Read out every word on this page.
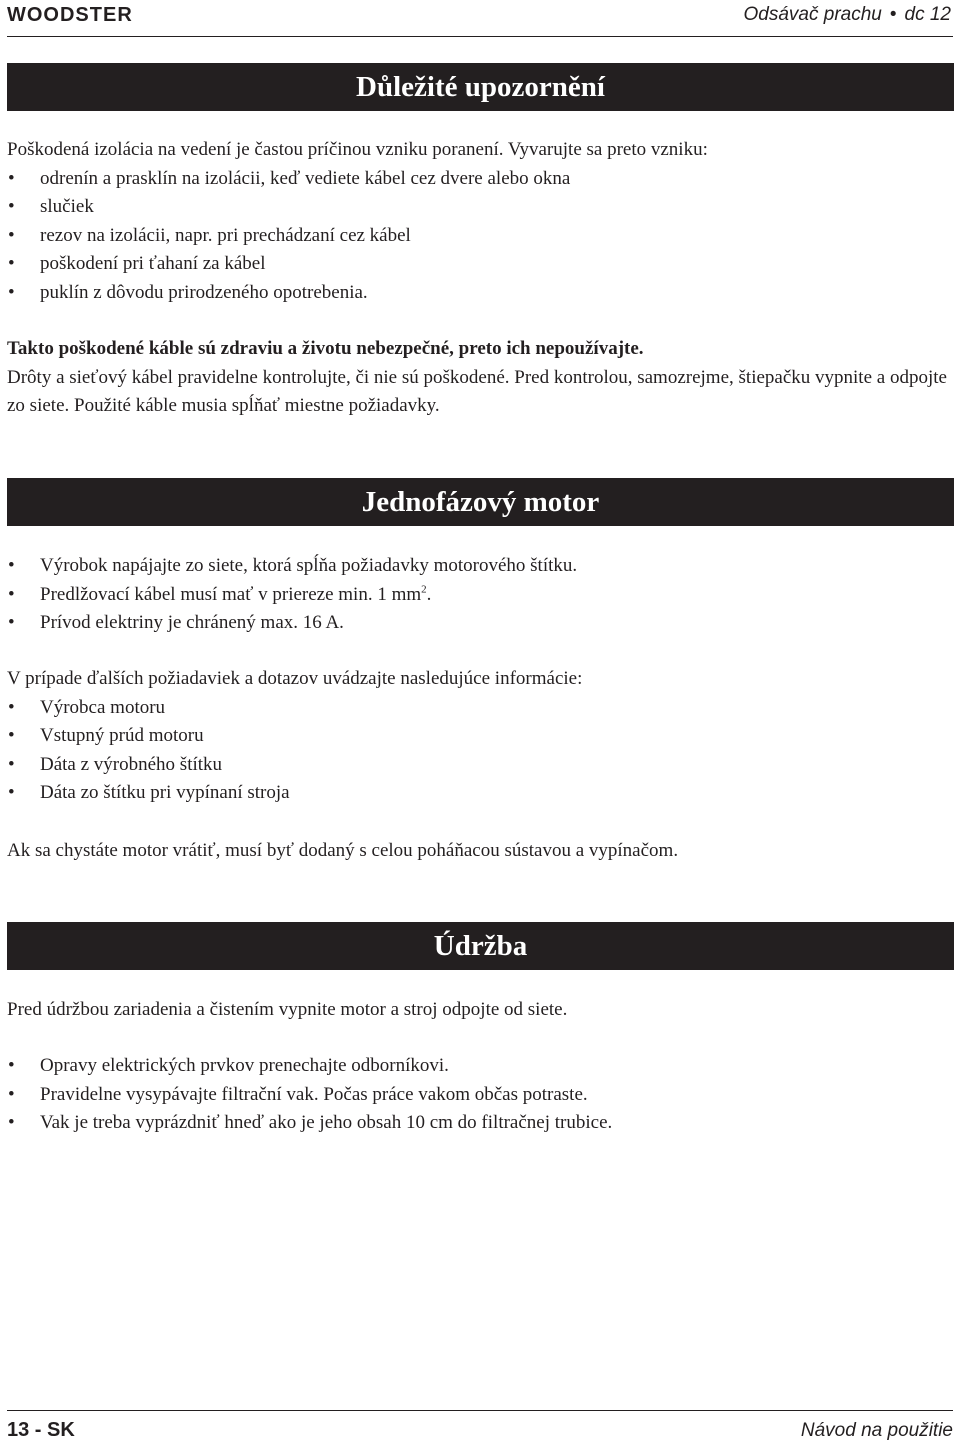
WOODSTER	Odsávač prachu • dc 12
Důležité upozornění

Poškodená izolácia na vedení je častou príčinou vzniku poranení. Vyvarujte sa preto vzniku:

• odrenín a prasklín na izolácii, keď vediete kábel cez dvere alebo okna
• slučiek
• rezov na izolácii, napr. pri prechádzaní cez kábel
• poškodení pri ťahaní za kábel
• puklín z dôvodu prirodzeného opotrebenia.

Takto poškodené káble sú zdraviu a životu nebezpečné, preto ich nepoužívajte.

Drôty a sieťový kábel pravidelne kontrolujte, či nie sú poškodené. Pred kontrolou, samozrejme, štiepačku vypnite a odpojte zo siete. Použité káble musia spĺňať miestne požiadavky.

Jednofázový motor
• Výrobok napájajte zo siete, ktorá spĺňa požiadavky motorového štítku.
• Predlžovací kábel musí mať v priereze min. 1 $mm^2$.
• Prívod elektriny je chránený max. 16 A.

V prípade ďalších požiadaviek a dotazov uvádzajte nasledujúce informácie:

• Výrobca motoru
• Vstupný prúd motoru
• Dáta z výrobného štítku
• Dáta zo štítku pri vypínaní stroja

Ak sa chystáte motor vrátiť, musí byť dodaný s celou poháňacou sústavou a vypínačom.

Údržba

Pred údržbou zariadenia a čistením vypnite motor a stroj odpojte od siete.

• Opravy elektrických prvkov prenechajte odborníkovi.
• Pravidelne vysypávajte filtrační vak. Počas práce vakom občas potraste.
• Vak je treba vyprázdniť hneď ako je jeho obsah 10 cm do filtračnej trubice.
13 - SK	Návod na použitie
